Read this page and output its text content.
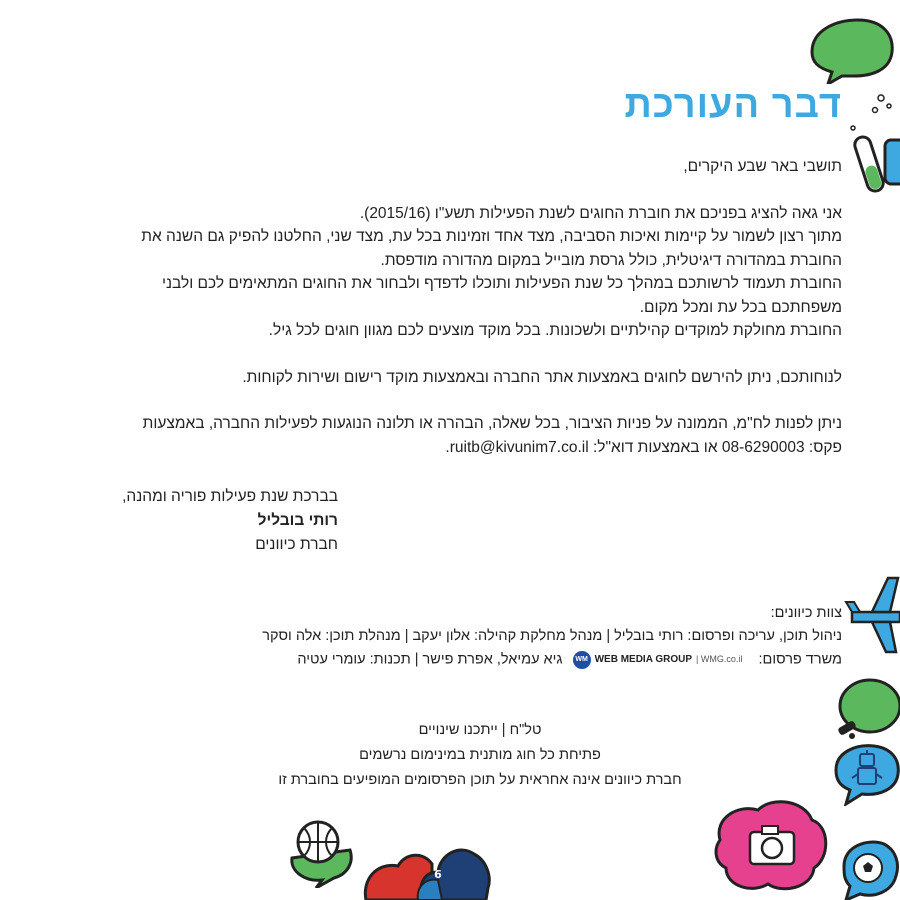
דבר העורכת

תושבי באר שבע היקרים,

אני גאה להציג בפניכם את חוברת החוגים לשנת הפעילות תשע"ו (2015/16).

מתוך רצון לשמור על קיימות ואיכות הסביבה, מצד אחד וזמינות בכל עת, מצד שני, החלטנו להפיק גם השנה את

החוברת במהדורה דיגיטלית, כולל גרסת מובייל במקום מהדורה מודפסת.

החוברת תעמוד לרשותכם במהלך כל שנת הפעילות ותוכלו לדפדף ולבחור את החוגים המתאימים לכם ולבני

משפחתכם בכל עת ומכל מקום.

החוברת מחולקת למוקדים קהילתיים ולשכונות. בכל מוקד מוצעים לכם מגוון חוגים לכל גיל.

לנוחותכם, ניתן להירשם לחוגים באמצעות אתר החברה ובאמצעות מוקד רישום ושירות לקוחות.

ניתן לפנות לח"מ, הממונה על פניות הציבור, בכל שאלה, הבהרה או תלונה הנוגעות לפעילות החברה, באמצעות

פקס: 08-6290003 או באמצעות דוא"ל: ruitb@kivunim7.co.il.

בברכת שנת פעילות פוריה ומהנה,
רותי בובליל
חברת כיוונים

צוות כיוונים:

ניהול תוכן, עריכה ופרסום: רותי בובליל | מנהל מחלקת קהילה: אלון יעקב | מנהלת תוכן: אלה וסקר

משרד פרסום:
WM WEB MEDIA GROUP | WMG.co.il
גיא עמיאל, אפרת פישר | תכנות: עומרי עטיה

טל"ח | ייתכנו שינויים

פתיחת כל חוג מותנית במינימום נרשמים

חברת כיוונים אינה אחראית על תוכן הפרסומים המופיעים בחוברת זו

6
